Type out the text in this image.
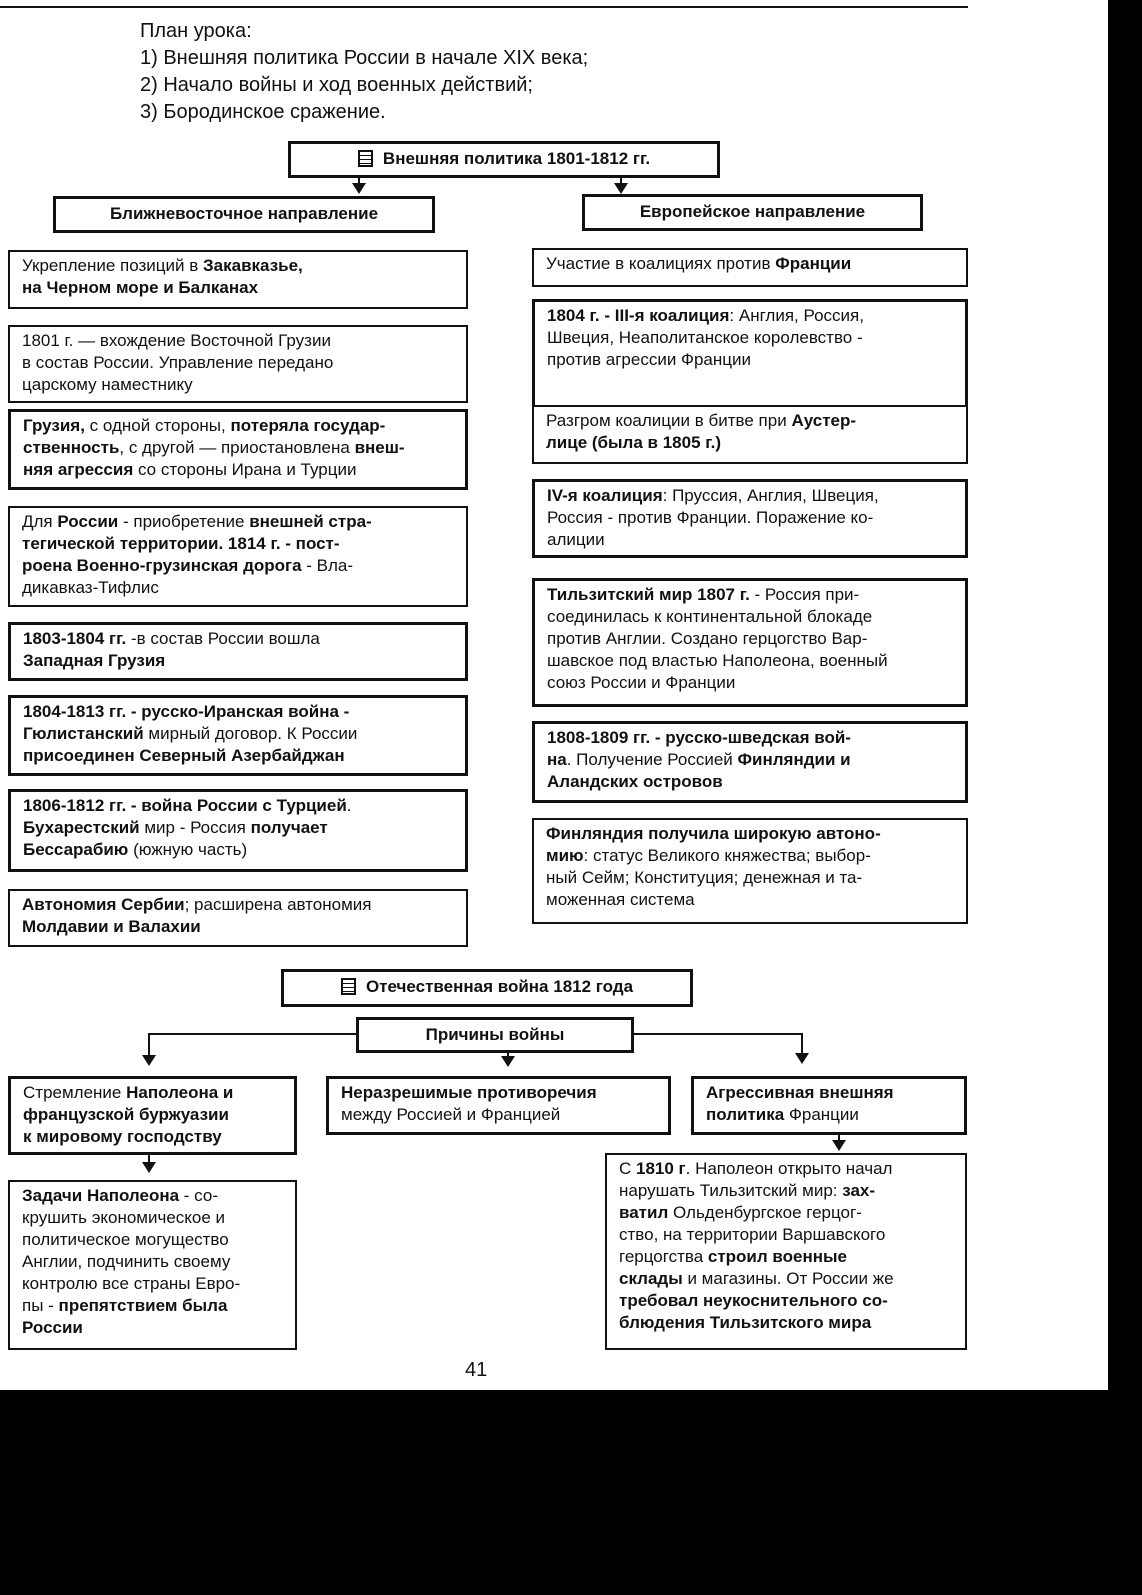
План урока:
1) Внешняя политика России в начале XIX века;
2) Начало войны и ход военных действий;
3) Бородинское сражение.
Внешняя политика 1801-1812 гг.
Ближневосточное направление	Европейское направление
Укрепление позиций в Закавказье,
на Черном море и Балканах
1801 г. — вхождение Восточной Грузии
в состав России. Управление передано
царскому наместнику
Грузия, с одной стороны, потеряла государ-
ственность, с другой — приостановлена внеш-
няя агрессия со стороны Ирана и Турции
Для России - приобретение внешней стра-
тегической территории. 1814 г. - пост-
роена Военно-грузинская дорога - Вла-
дикавказ-Тифлис
1803-1804 гг. -в состав России вошла
Западная Грузия
1804-1813 гг. - русско-Иранская война -
Гюлистанский мирный договор. К России
присоединен Северный Азербайджан
1806-1812 гг. - война России с Турцией.
Бухарестский мир - Россия получает
Бессарабию (южную часть)
Автономия Сербии; расширена автономия
Молдавии и Валахии
Участие в коалициях против Франции
1804 г. - III-я коалиция: Англия, Россия,
Швеция, Неаполитанское королевство -
против агрессии Франции
Разгром коалиции в битве при Аустер-
лице (была в 1805 г.)
IV-я коалиция: Пруссия, Англия, Швеция,
Россия - против Франции. Поражение ко-
алиции
Тильзитский мир 1807 г. - Россия при-
соединилась к континентальной блокаде
против Англии. Создано герцогство Вар-
шавское под властью Наполеона, военный
союз России и Франции
1808-1809 гг. - русско-шведская вой-
на. Получение Россией Финляндии и
Аландских островов
Финляндия получила широкую автоно-
мию: статус Великого княжества; выбор-
ный Сейм; Конституция; денежная и та-
моженная система
Отечественная война 1812 года
Причины войны
Стремление Наполеона и
французской буржуазии
к мировому господству
Неразрешимые противоречия
между Россией и Францией
Агрессивная внешняя
политика Франции
Задачи Наполеона - со-
крушить экономическое и
политическое могущество
Англии, подчинить своему
контролю все страны Евро-
пы - препятствием была
России
С 1810 г. Наполеон открыто начал
нарушать Тильзитский мир: зах-
ватил Ольденбургское герцог-
ство, на территории Варшавского
герцогства строил военные
склады и магазины. От России же
требовал неукоснительного со-
блюдения Тильзитского мира
41
